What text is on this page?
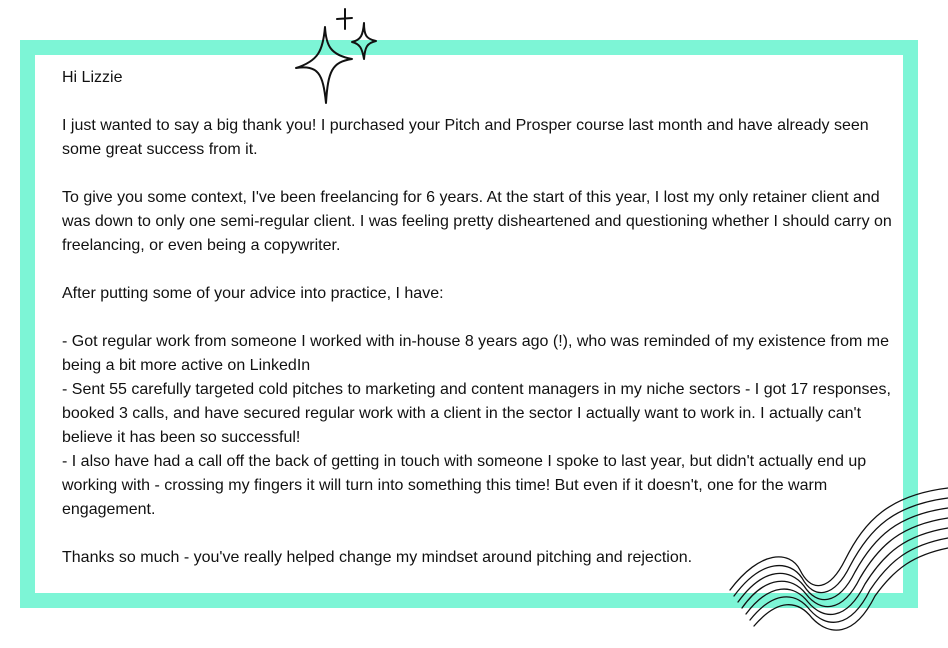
Hi Lizzie

I just wanted to say a big thank you! I purchased your Pitch and Prosper course last month and have already seen some great success from it.

To give you some context, I've been freelancing for 6 years. At the start of this year, I lost my only retainer client and was down to only one semi-regular client. I was feeling pretty disheartened and questioning whether I should carry on freelancing, or even being a copywriter.

After putting some of your advice into practice, I have:

- Got regular work from someone I worked with in-house 8 years ago (!), who was reminded of my existence from me being a bit more active on LinkedIn
- Sent 55 carefully targeted cold pitches to marketing and content managers in my niche sectors - I got 17 responses, booked 3 calls, and have secured regular work with a client in the sector I actually want to work in. I actually can't believe it has been so successful!
- I also have had a call off the back of getting in touch with someone I spoke to last year, but didn't actually end up working with - crossing my fingers it will turn into something this time! But even if it doesn't, one for the warm engagement.

Thanks so much - you've really helped change my mindset around pitching and rejection.
